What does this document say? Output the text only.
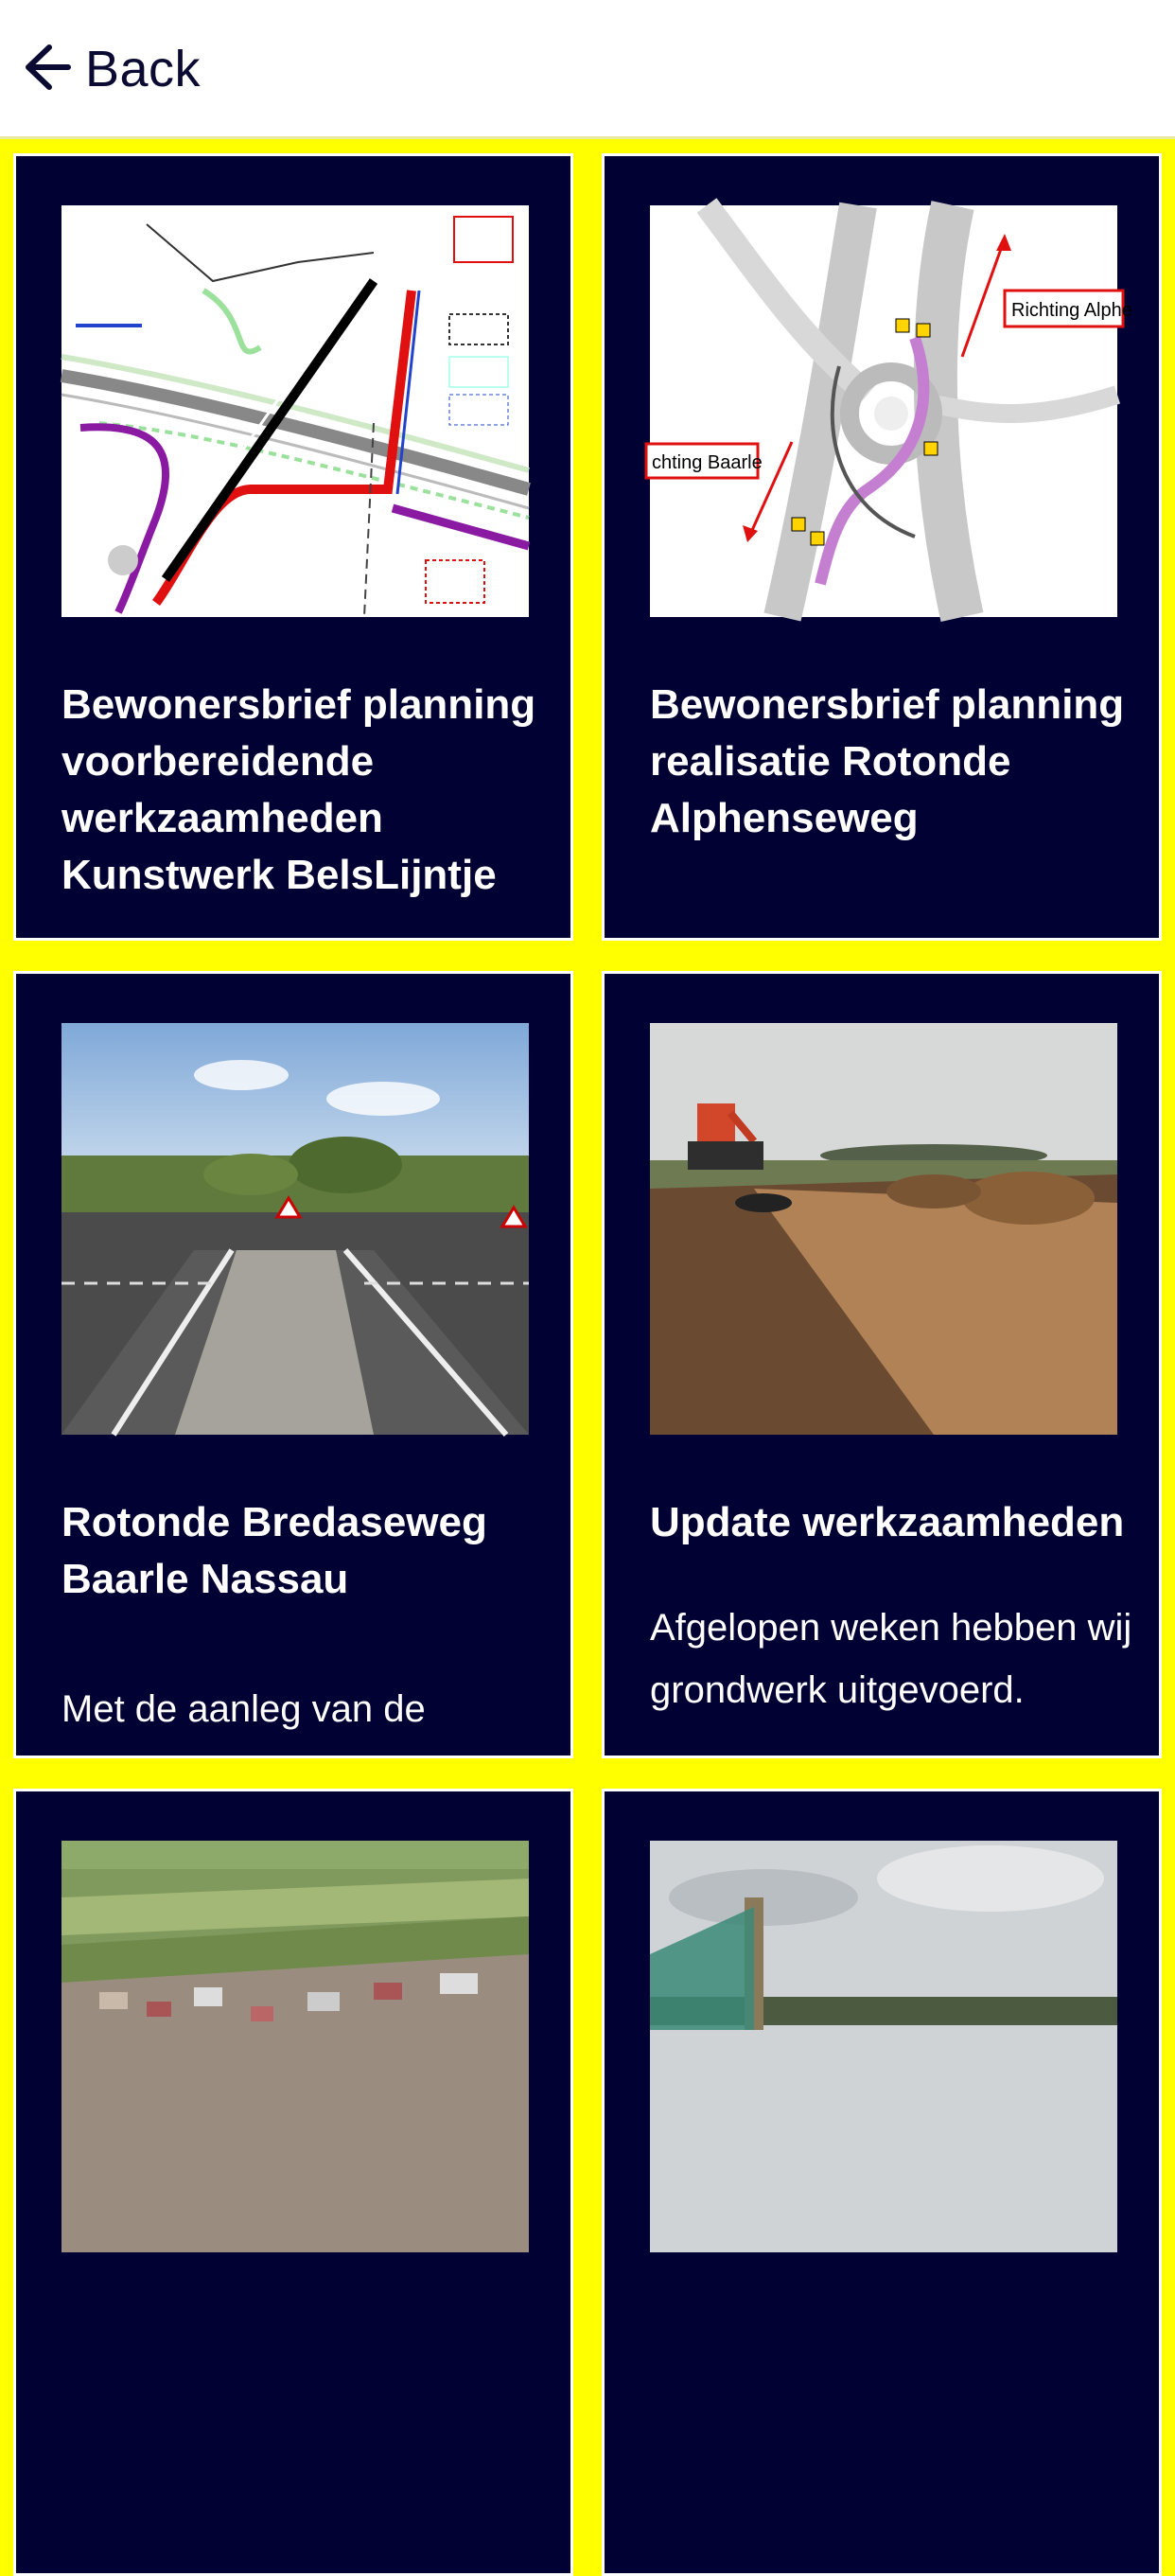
Back
Bewonersbrief planning voorbereidende werkzaamheden Kunstwerk BelsLijntje
Richting Alphe
chting Baarle
Bewonersbrief planning realisatie Rotonde Alphenseweg
Rotonde Bredaseweg Baarle Nassau
Met de aanleg van de
Update werkzaamheden
Afgelopen weken hebben wij grondwerk uitgevoerd.
